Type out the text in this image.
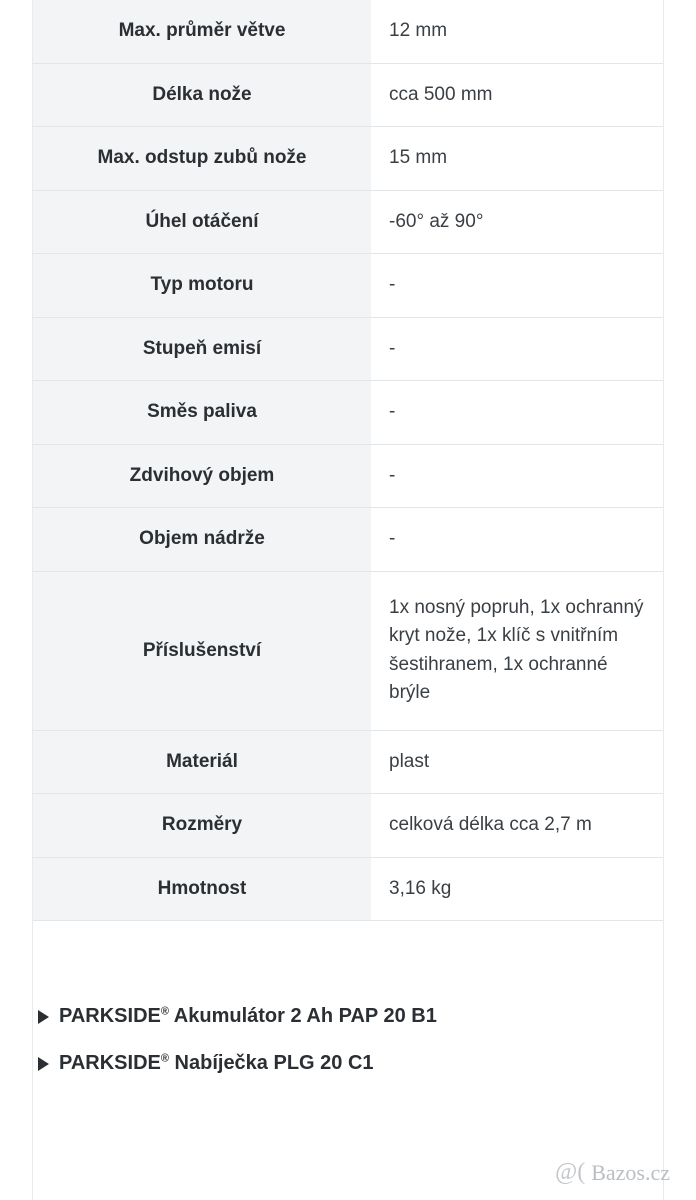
Max. průměr větve	12 mm
Délka nože	cca 500 mm
Max. odstup zubů nože	15 mm
Úhel otáčení	-60° až 90°
Typ motoru	-
Stupeň emisí	-
Směs paliva	-
Zdvihový objem	-
Objem nádrže	-
Příslušenství	1x nosný popruh, 1x ochranný kryt nože, 1x klíč s vnitřním šestihranem, 1x ochranné brýle
Materiál	plast
Rozměry	celková délka cca 2,7 m
Hmotnost	3,16 kg
PARKSIDE® Akumulátor 2 Ah PAP 20 B1
PARKSIDE® Nabíječka PLG 20 C1
@( Bazos.cz
